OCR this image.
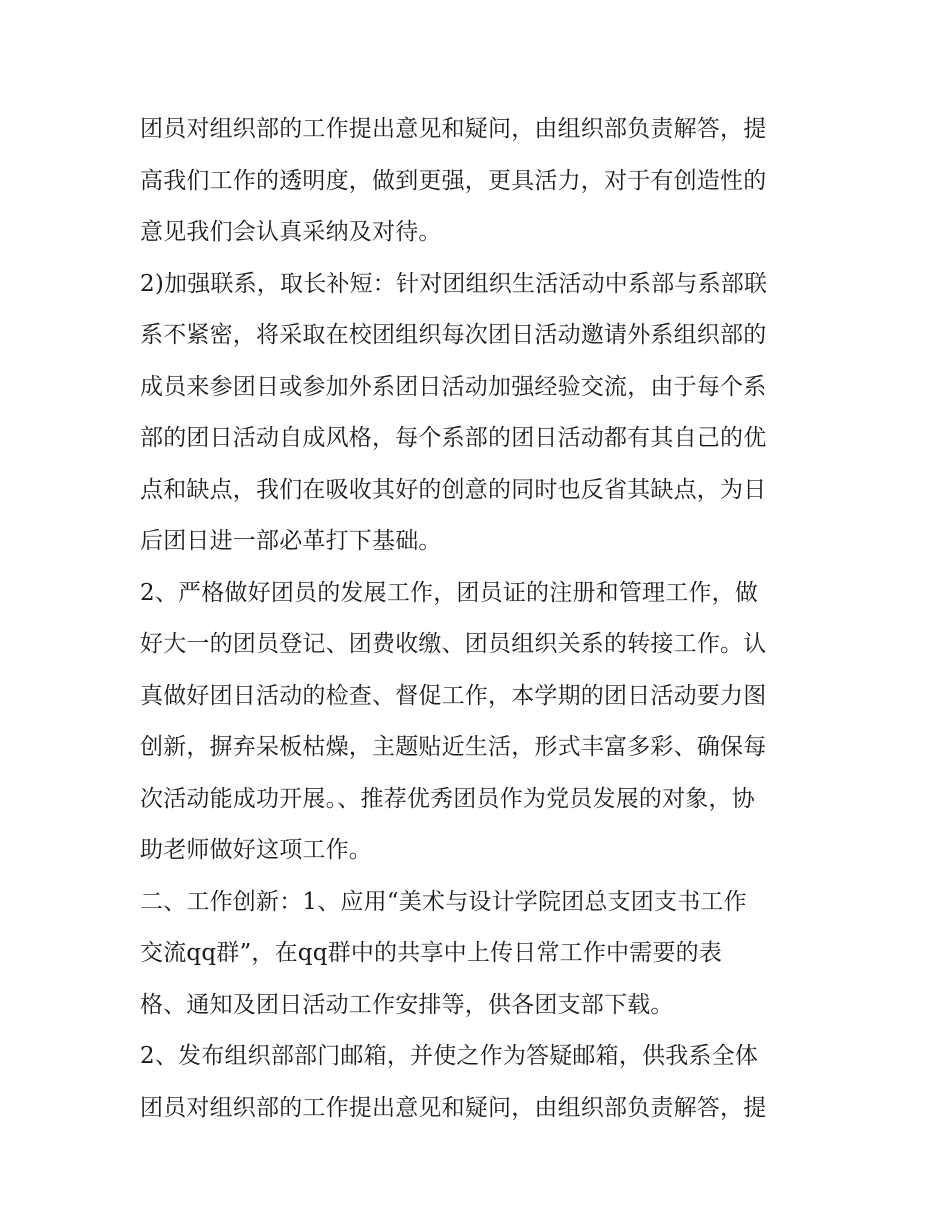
团员对组织部的工作提出意见和疑问，由组织部负责解答，提
高我们工作的透明度，做到更强，更具活力，对于有创造性的
意见我们会认真采纳及对待。
2)加强联系，取长补短：针对团组织生活活动中系部与系部联
系不紧密，将采取在校团组织每次团日活动邀请外系组织部的
成员来参团日或参加外系团日活动加强经验交流，由于每个系
部的团日活动自成风格，每个系部的团日活动都有其自己的优
点和缺点，我们在吸收其好的创意的同时也反省其缺点，为日
后团日进一部必革打下基础。
2、严格做好团员的发展工作，团员证的注册和管理工作，做
好大一的团员登记、团费收缴、团员组织关系的转接工作。认
真做好团日活动的检查、督促工作，本学期的团日活动要力图
创新，摒弃呆板枯燥，主题贴近生活，形式丰富多彩、确保每
次活动能成功开展。、推荐优秀团员作为党员发展的对象，协
助老师做好这项工作。
二、工作创新：1、应用“美术与设计学院团总支团支书工作
交流qq群”，在qq群中的共享中上传日常工作中需要的表
格、通知及团日活动工作安排等，供各团支部下载。
2、发布组织部部门邮箱，并使之作为答疑邮箱，供我系全体
团员对组织部的工作提出意见和疑问，由组织部负责解答，提
